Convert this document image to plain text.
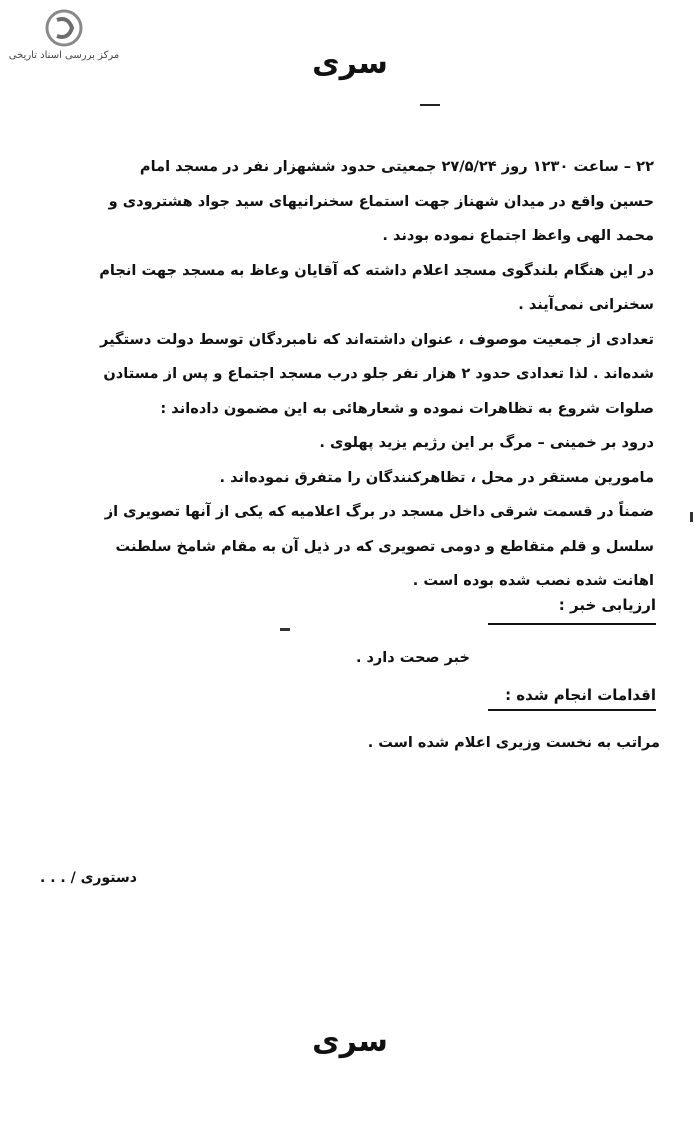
مرکز بررسی اسناد تاریخی	سری

۲۲ – ساعت ۱۲۳۰ روز ۲۷/۵/۲۴ جمعیتی حدود ششهزار نفر در مسجد امام حسین واقع در میدان شهناز جهت استماع سخنرانیهای سید جواد هشترودی و محمد الهی واعظ اجتماع نموده بودند .

در این هنگام بلندگوی مسجد اعلام داشته که آقایان وعاظ به مسجد جهت انجام سخنرانی نمی‌آیند .

تعدادی از جمعیت موصوف ، عنوان داشته‌اند که نامبردگان توسط دولت دستگیر شده‌اند . لذا تعدادی حدود ۲ هزار نفر جلو درب مسجد اجتماع و پس از مستادن صلوات شروع به تظاهرات نموده و شعارهائی به این مضمون داده‌اند :

درود بر خمینی – مرگ بر این رژیم یزید پهلوی .

مامورین مستقر در محل ، تظاهرکنندگان را متفرق نموده‌اند .

ضمناً در قسمت شرقی داخل مسجد در برگ اعلامیه که یکی از آنها تصویری از سلسل و قلم متقاطع و دومی تصویری که در ذیل آن به مقام شامخ سلطنت اهانت شده نصب شده بوده است .

ارزیابی خبر :
خبر صحت دارد .
اقدامات انجام شده :
مراتب به نخست وزیری اعلام شده است .
دستوری / . . .
سری
